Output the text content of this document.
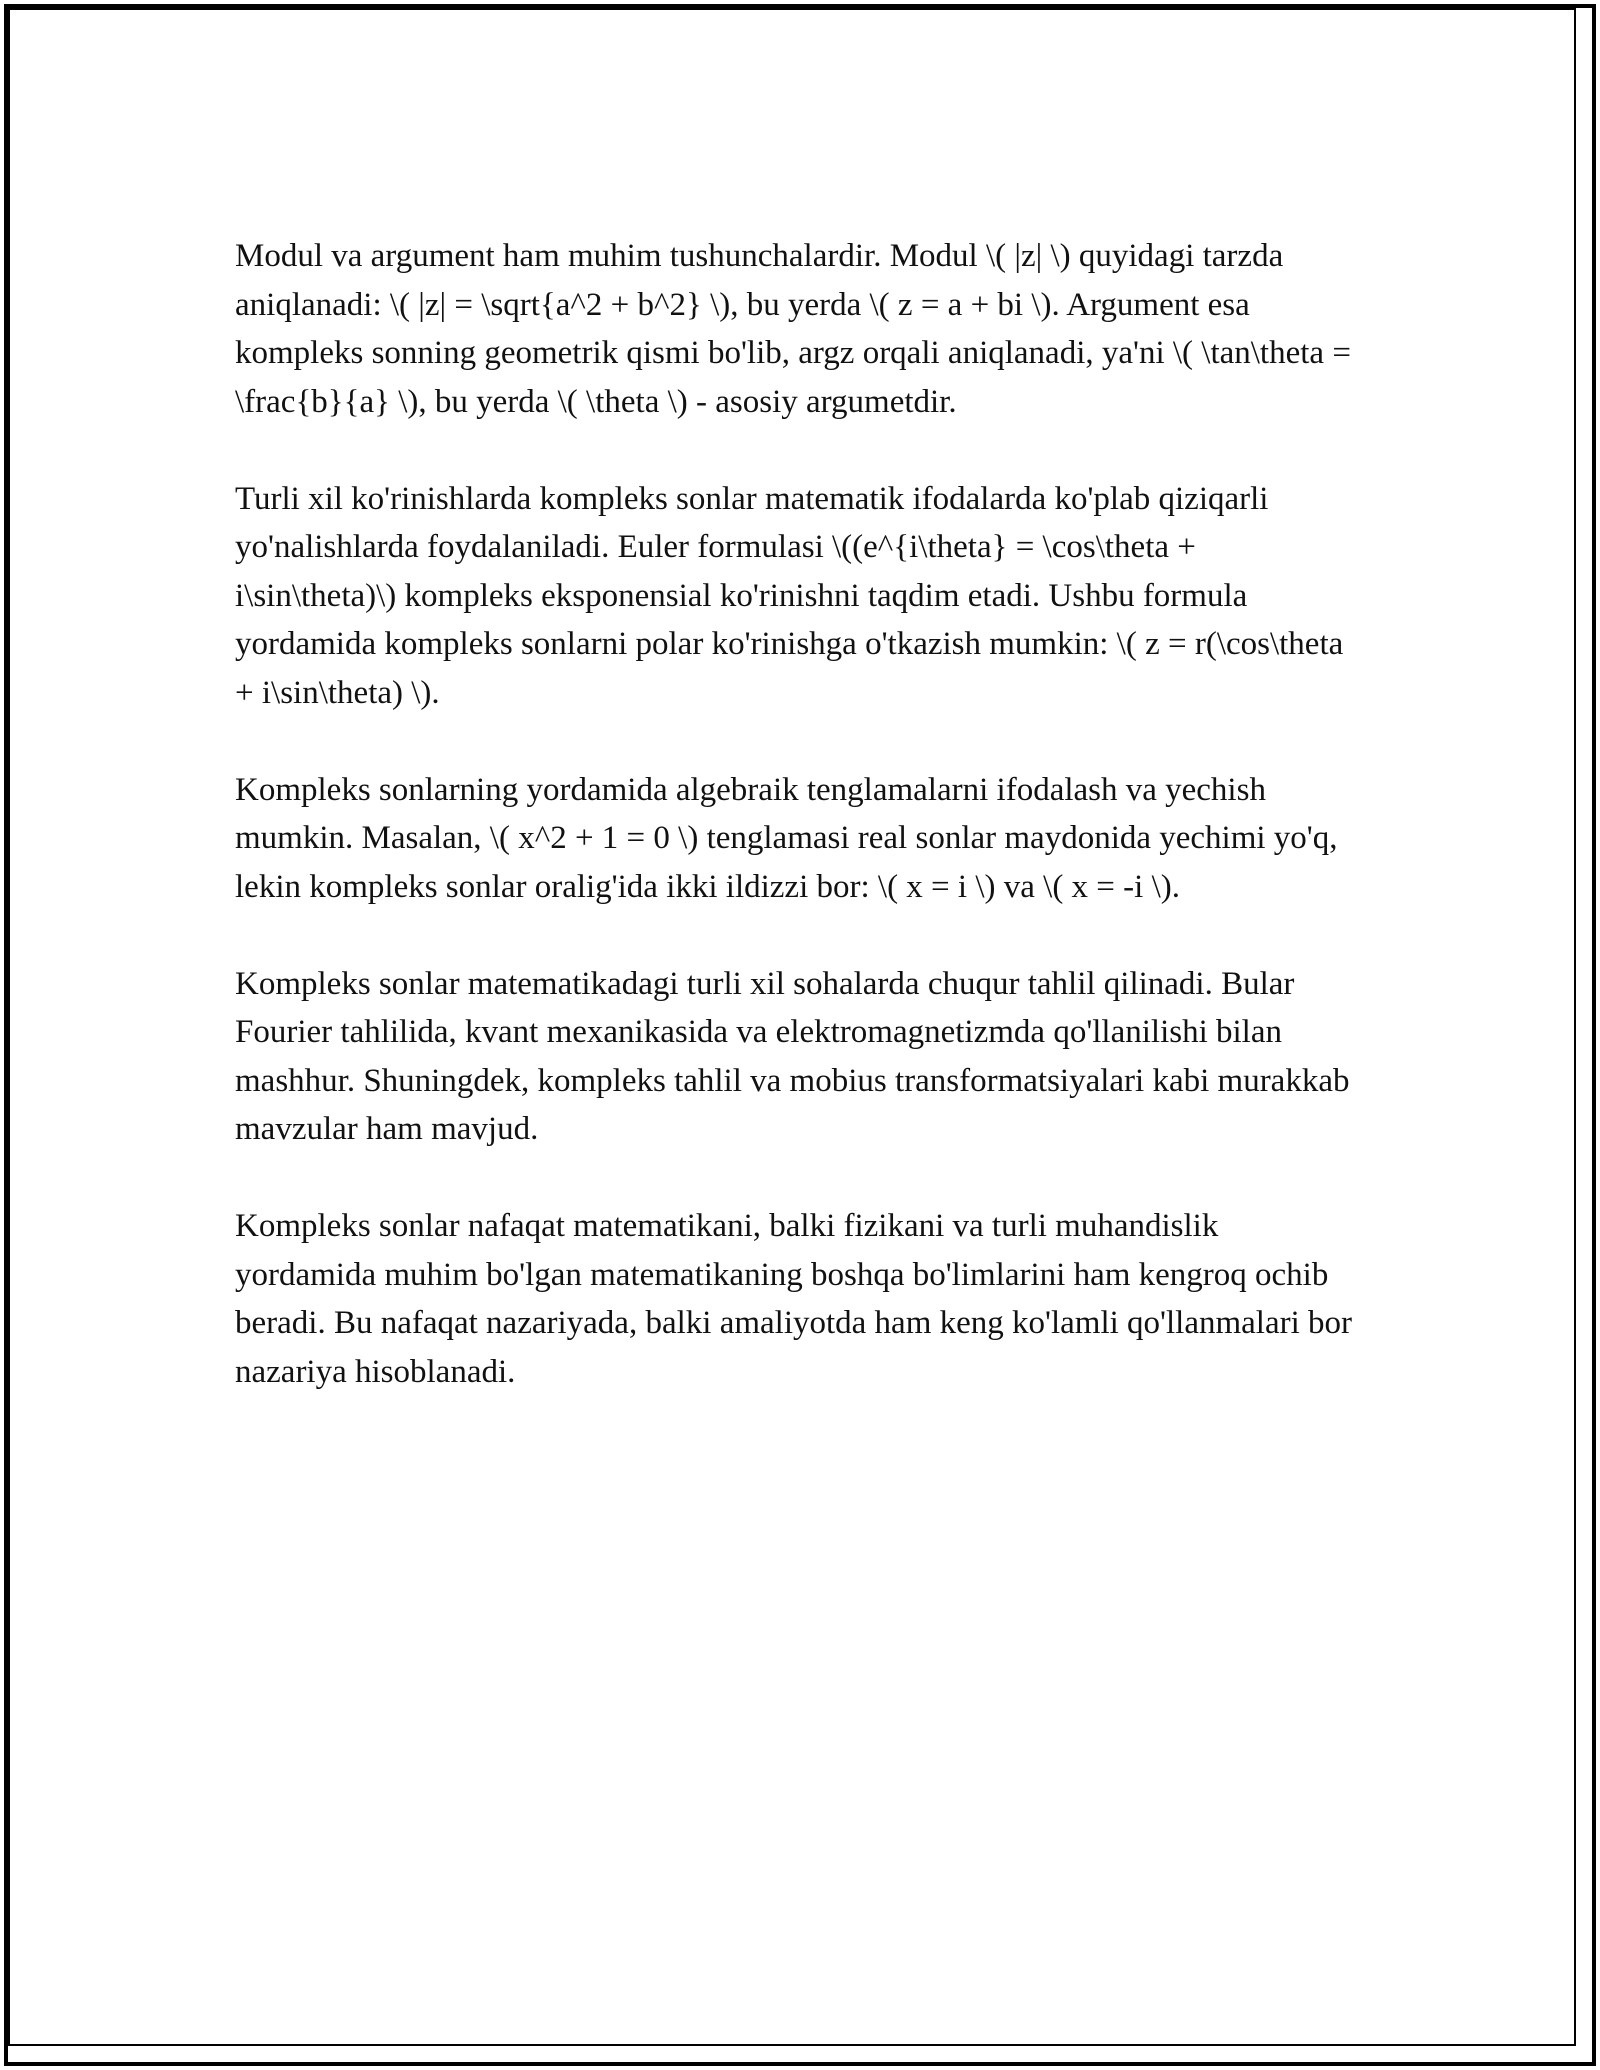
Modul va argument ham muhim tushunchalardir. Modul \( |z| \) quyidagi tarzda aniqlanadi: \( |z| = \sqrt{a^2 + b^2} \), bu yerda \( z = a + bi \). Argument esa kompleks sonning geometrik qismi bo'lib, argz orqali aniqlanadi, ya'ni \( \tan\theta = \frac{b}{a} \), bu yerda \( \theta \) - asosiy argumetdir.

Turli xil ko'rinishlarda kompleks sonlar matematik ifodalarda ko'plab qiziqarli yo'nalishlarda foydalaniladi. Euler formulasi \((e^{i\theta} = \cos\theta + i\sin\theta)\) kompleks eksponensial ko'rinishni taqdim etadi. Ushbu formula yordamida kompleks sonlarni polar ko'rinishga o'tkazish mumkin: \( z = r(\cos\theta + i\sin\theta) \).

Kompleks sonlarning yordamida algebraik tenglamalarni ifodalash va yechish mumkin. Masalan, \( x^2 + 1 = 0 \) tenglamasi real sonlar maydonida yechimi yo'q, lekin kompleks sonlar oralig'ida ikki ildizzi bor: \( x = i \) va \( x = -i \).

Kompleks sonlar matematikadagi turli xil sohalarda chuqur tahlil qilinadi. Bular Fourier tahlilida, kvant mexanikasida va elektromagnetizmda qo'llanilishi bilan mashhur. Shuningdek, kompleks tahlil va mobius transformatsiyalari kabi murakkab mavzular ham mavjud.

Kompleks sonlar nafaqat matematikani, balki fizikani va turli muhandislik yordamida muhim bo'lgan matematikaning boshqa bo'limlarini ham kengroq ochib beradi. Bu nafaqat nazariyada, balki amaliyotda ham keng ko'lamli qo'llanmalari bor nazariya hisoblanadi.
